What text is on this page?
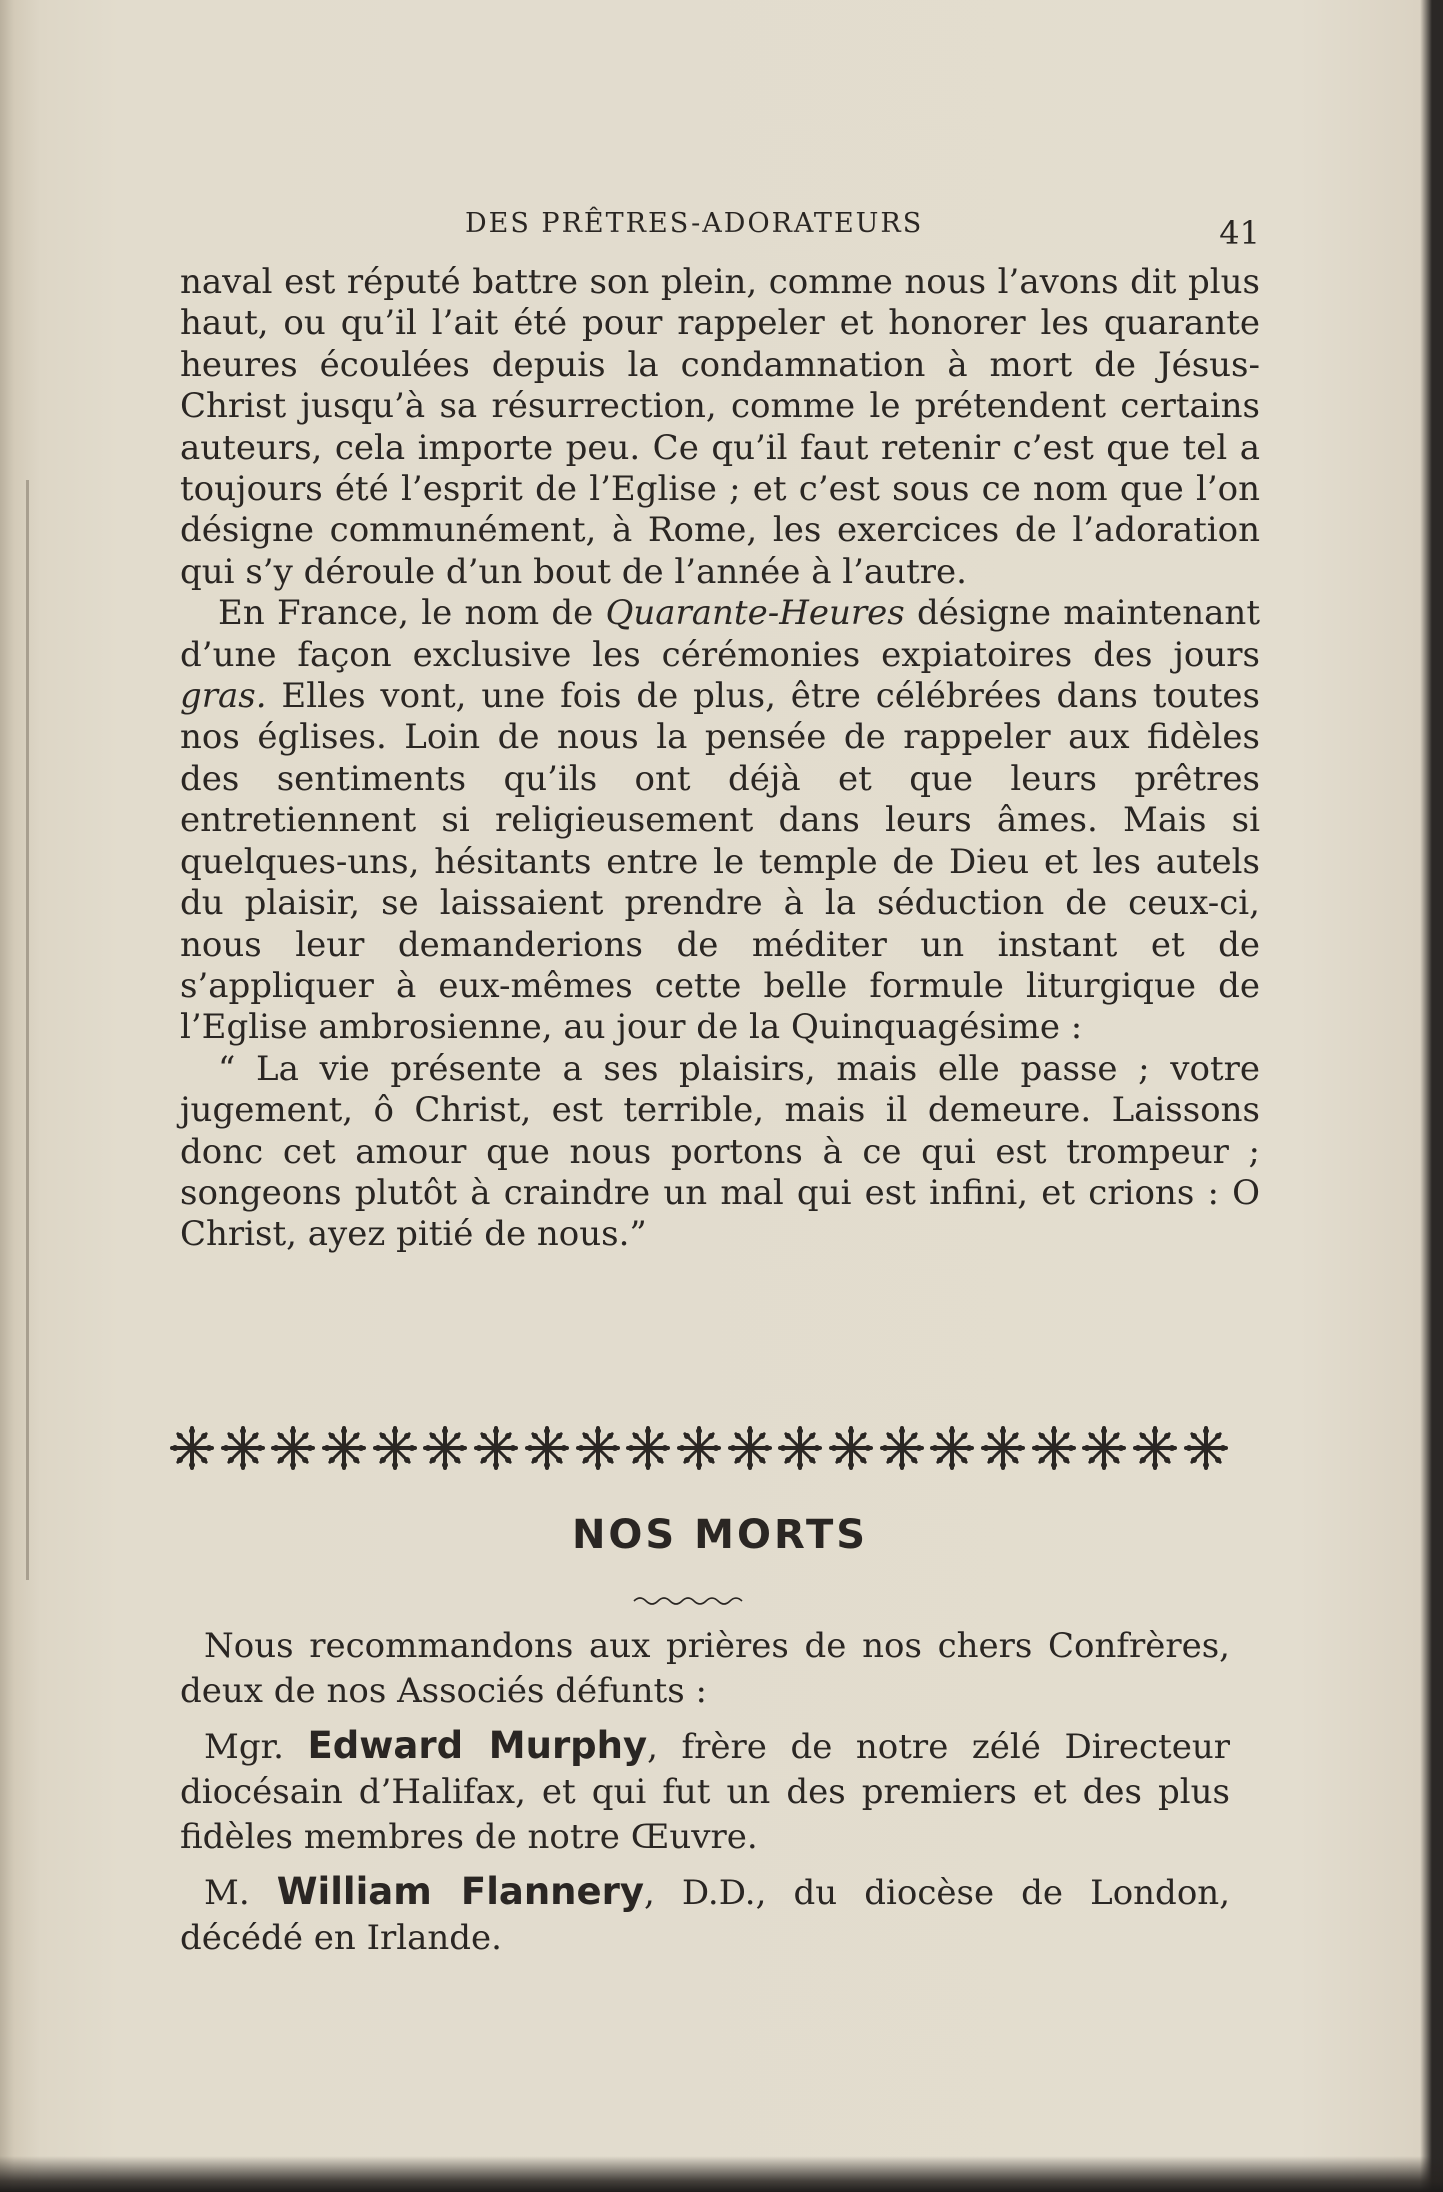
DES PRÊTRES-ADORATEURS	41

naval est réputé battre son plein, comme nous l’avons dit plus haut, ou qu’il l’ait été pour rappeler et honorer les quarante heures écoulées depuis la condamnation à mort de Jésus-Christ jusqu’à sa résurrection, comme le prétendent certains auteurs, cela importe peu. Ce qu’il faut retenir c’est que tel a toujours été l’esprit de l’Eglise ; et c’est sous ce nom que l’on désigne communément, à Rome, les exercices de l’adoration qui s’y déroule d’un bout de l’année à l’autre.

En France, le nom de Quarante-Heures désigne maintenant d’une façon exclusive les cérémonies expiatoires des jours gras. Elles vont, une fois de plus, être célébrées dans toutes nos églises. Loin de nous la pensée de rappeler aux fidèles des sentiments qu’ils ont déjà et que leurs prêtres entretiennent si religieusement dans leurs âmes. Mais si quelques-uns, hésitants entre le temple de Dieu et les autels du plaisir, se laissaient prendre à la séduction de ceux-ci, nous leur demanderions de méditer un instant et de s’appliquer à eux-mêmes cette belle formule liturgique de l’Eglise ambrosienne, au jour de la Quinquagésime :

“ La vie présente a ses plaisirs, mais elle passe ; votre jugement, ô Christ, est terrible, mais il demeure. Laissons donc cet amour que nous portons à ce qui est trompeur ; songeons plutôt à craindre un mal qui est infini, et crions : O Christ, ayez pitié de nous.”

NOS MORTS

Nous recommandons aux prières de nos chers Confrères, deux de nos Associés défunts :

Mgr. Edward Murphy, frère de notre zélé Directeur diocésain d’Halifax, et qui fut un des premiers et des plus fidèles membres de notre Œuvre.

M. William Flannery, D.D., du diocèse de London, décédé en Irlande.
